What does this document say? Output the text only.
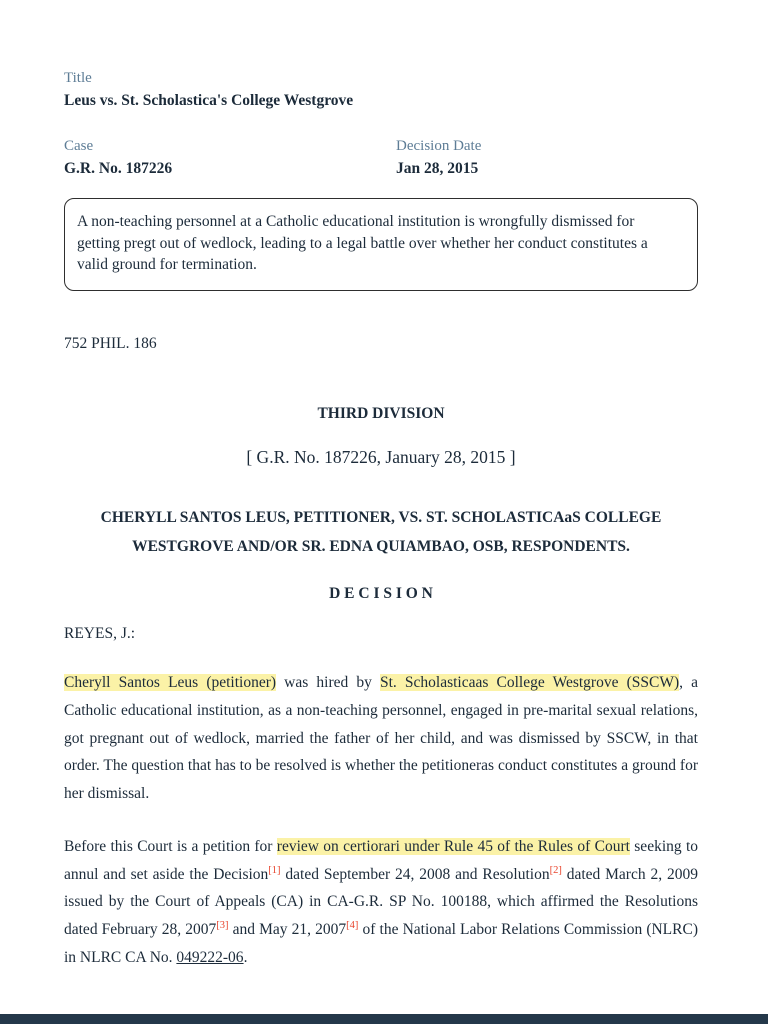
Title
Leus vs. St. Scholastica's College Westgrove
Case
G.R. No. 187226
Decision Date
Jan 28, 2015
A non-teaching personnel at a Catholic educational institution is wrongfully dismissed for getting pregt out of wedlock, leading to a legal battle over whether her conduct constitutes a valid ground for termination.
752 PHIL. 186
THIRD DIVISION
[ G.R. No. 187226, January 28, 2015 ]
CHERYLL SANTOS LEUS, PETITIONER, VS. ST. SCHOLASTICAaS COLLEGE WESTGROVE AND/OR SR. EDNA QUIAMBAO, OSB, RESPONDENTS.
D E C I S I O N
REYES, J.:

Cheryll Santos Leus (petitioner) was hired by St. Scholasticaas College Westgrove (SSCW), a Catholic educational institution, as a non-teaching personnel, engaged in pre-marital sexual relations, got pregnant out of wedlock, married the father of her child, and was dismissed by SSCW, in that order. The question that has to be resolved is whether the petitioneras conduct constitutes a ground for her dismissal.

Before this Court is a petition for review on certiorari under Rule 45 of the Rules of Court seeking to annul and set aside the Decision[1] dated September 24, 2008 and Resolution[2] dated March 2, 2009 issued by the Court of Appeals (CA) in CA-G.R. SP No. 100188, which affirmed the Resolutions dated February 28, 2007[3] and May 21, 2007[4] of the National Labor Relations Commission (NLRC) in NLRC CA No. 049222-06.
